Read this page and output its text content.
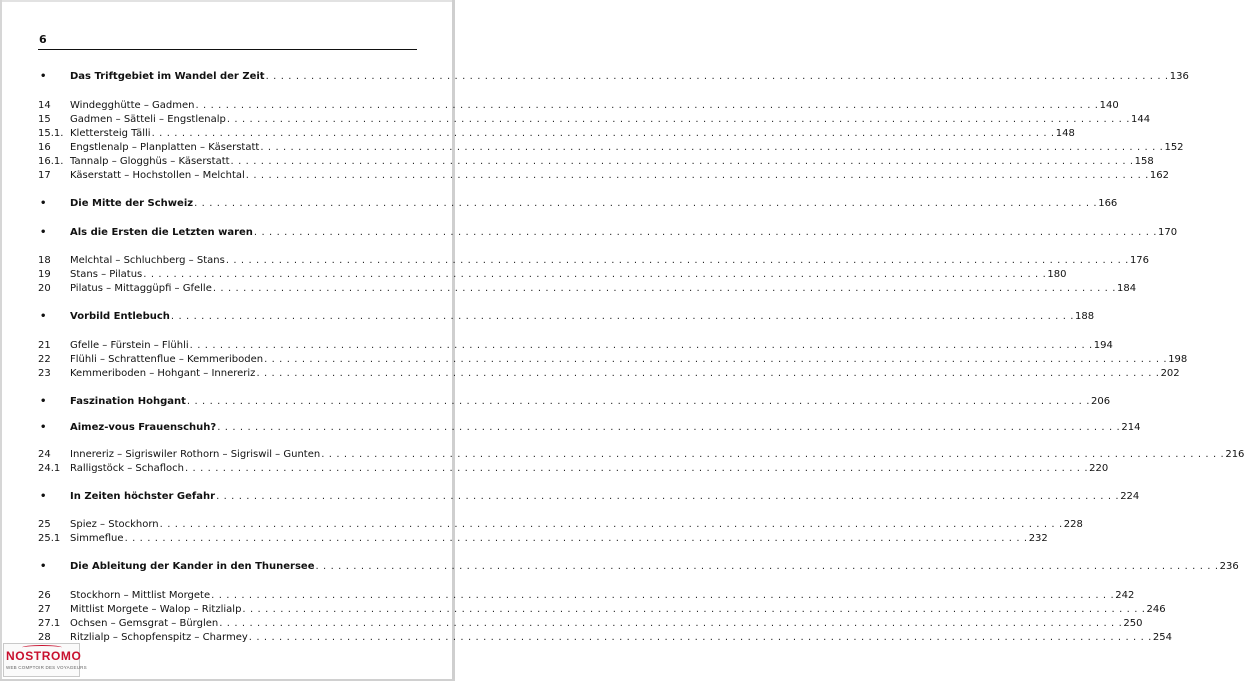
6
•	Das Triftgebiet im Wandel der Zeit . . . . . . . . . . . . . . . . . . . . . . . . . . . . . . . . . . . . . . . . . . . . . . . . . . . . . . . . . . . . . . . . . . . . . . . . . . . . . . . . . . . . . . . . . . . . . . . . . . . . . . . . . . . . . . . . . . . . . . . . 136
14	Windegghütte – Gadmen . . . . . . . . . . . . . . . . . . . . . . . . . . . . . . . . . . . . . . . . . . . . . . . . . . . . . . . . . . . . . . . . . . . . . . . . . . . . . . . . . . . . . . . . . . . . . . . . . . . . . . . . . . . . . . . . . . . . . . . . 140
15	Gadmen – Sätteli – Engstlenalp . . . . . . . . . . . . . . . . . . . . . . . . . . . . . . . . . . . . . . . . . . . . . . . . . . . . . . . . . . . . . . . . . . . . . . . . . . . . . . . . . . . . . . . . . . . . . . . . . . . . . . . . . . . . . . . . . . . . . . . . 144
15.1. Klettersteig Tälli . . . . . . . . . . . . . . . . . . . . . . . . . . . . . . . . . . . . . . . . . . . . . . . . . . . . . . . . . . . . . . . . . . . . . . . . . . . . . . . . . . . . . . . . . . . . . . . . . . . . . . . . . . . . . . . . . . . . . . . . 148
16	Engstlenalp – Planplatten – Käserstatt . . . . . . . . . . . . . . . . . . . . . . . . . . . . . . . . . . . . . . . . . . . . . . . . . . . . . . . . . . . . . . . . . . . . . . . . . . . . . . . . . . . . . . . . . . . . . . . . . . . . . . . . . . . . . . . . . . . . . . . . 152
16.1. Tannalp – Glogghüs – Käserstatt . . . . . . . . . . . . . . . . . . . . . . . . . . . . . . . . . . . . . . . . . . . . . . . . . . . . . . . . . . . . . . . . . . . . . . . . . . . . . . . . . . . . . . . . . . . . . . . . . . . . . . . . . . . . . . . . . . . . . . . . 158
17	Käserstatt – Hochstollen – Melchtal . . . . . . . . . . . . . . . . . . . . . . . . . . . . . . . . . . . . . . . . . . . . . . . . . . . . . . . . . . . . . . . . . . . . . . . . . . . . . . . . . . . . . . . . . . . . . . . . . . . . . . . . . . . . . . . . . . . . . . . . 162
•	Die Mitte der Schweiz . . . . . . . . . . . . . . . . . . . . . . . . . . . . . . . . . . . . . . . . . . . . . . . . . . . . . . . . . . . . . . . . . . . . . . . . . . . . . . . . . . . . . . . . . . . . . . . . . . . . . . . . . . . . . . . . . . . . . . . . 166
•	Als die Ersten die Letzten waren . . . . . . . . . . . . . . . . . . . . . . . . . . . . . . . . . . . . . . . . . . . . . . . . . . . . . . . . . . . . . . . . . . . . . . . . . . . . . . . . . . . . . . . . . . . . . . . . . . . . . . . . . . . . . . . . . . . . . . . . 170
18	Melchtal – Schluchberg – Stans . . . . . . . . . . . . . . . . . . . . . . . . . . . . . . . . . . . . . . . . . . . . . . . . . . . . . . . . . . . . . . . . . . . . . . . . . . . . . . . . . . . . . . . . . . . . . . . . . . . . . . . . . . . . . . . . . . . . . . . . 176
19	Stans – Pilatus . . . . . . . . . . . . . . . . . . . . . . . . . . . . . . . . . . . . . . . . . . . . . . . . . . . . . . . . . . . . . . . . . . . . . . . . . . . . . . . . . . . . . . . . . . . . . . . . . . . . . . . . . . . . . . . . . . . . . . . . 180
20	Pilatus – Mittaggüpfi – Gfelle . . . . . . . . . . . . . . . . . . . . . . . . . . . . . . . . . . . . . . . . . . . . . . . . . . . . . . . . . . . . . . . . . . . . . . . . . . . . . . . . . . . . . . . . . . . . . . . . . . . . . . . . . . . . . . . . . . . . . . . . 184
•	Vorbild Entlebuch . . . . . . . . . . . . . . . . . . . . . . . . . . . . . . . . . . . . . . . . . . . . . . . . . . . . . . . . . . . . . . . . . . . . . . . . . . . . . . . . . . . . . . . . . . . . . . . . . . . . . . . . . . . . . . . . . . . . . . . . 188
21	Gfelle – Fürstein – Flühli . . . . . . . . . . . . . . . . . . . . . . . . . . . . . . . . . . . . . . . . . . . . . . . . . . . . . . . . . . . . . . . . . . . . . . . . . . . . . . . . . . . . . . . . . . . . . . . . . . . . . . . . . . . . . . . . . . . . . . . . 194
22	Flühli – Schrattenflue – Kemmeriboden . . . . . . . . . . . . . . . . . . . . . . . . . . . . . . . . . . . . . . . . . . . . . . . . . . . . . . . . . . . . . . . . . . . . . . . . . . . . . . . . . . . . . . . . . . . . . . . . . . . . . . . . . . . . . . . . . . . . . . . . 198
23	Kemmeriboden – Hohgant – Innereriz . . . . . . . . . . . . . . . . . . . . . . . . . . . . . . . . . . . . . . . . . . . . . . . . . . . . . . . . . . . . . . . . . . . . . . . . . . . . . . . . . . . . . . . . . . . . . . . . . . . . . . . . . . . . . . . . . . . . . . . . 202
•	Faszination Hohgant . . . . . . . . . . . . . . . . . . . . . . . . . . . . . . . . . . . . . . . . . . . . . . . . . . . . . . . . . . . . . . . . . . . . . . . . . . . . . . . . . . . . . . . . . . . . . . . . . . . . . . . . . . . . . . . . . . . . . . . . 206
•	Aimez-vous Frauenschuh? . . . . . . . . . . . . . . . . . . . . . . . . . . . . . . . . . . . . . . . . . . . . . . . . . . . . . . . . . . . . . . . . . . . . . . . . . . . . . . . . . . . . . . . . . . . . . . . . . . . . . . . . . . . . . . . . . . . . . . . . 214
24	Innereriz – Sigriswiler Rothorn – Sigriswil – Gunten . . . . . . . . . . . . . . . . . . . . . . . . . . . . . . . . . . . . . . . . . . . . . . . . . . . . . . . . . . . . . . . . . . . . . . . . . . . . . . . . . . . . . . . . . . . . . . . . . . . . . . . . . . . . . . . . . . . . . . . . 216
24.1 Ralligstöck – Schafloch . . . . . . . . . . . . . . . . . . . . . . . . . . . . . . . . . . . . . . . . . . . . . . . . . . . . . . . . . . . . . . . . . . . . . . . . . . . . . . . . . . . . . . . . . . . . . . . . . . . . . . . . . . . . . . . . . . . . . . . . 220
•	In Zeiten höchster Gefahr . . . . . . . . . . . . . . . . . . . . . . . . . . . . . . . . . . . . . . . . . . . . . . . . . . . . . . . . . . . . . . . . . . . . . . . . . . . . . . . . . . . . . . . . . . . . . . . . . . . . . . . . . . . . . . . . . . . . . . . . 224
25	Spiez – Stockhorn . . . . . . . . . . . . . . . . . . . . . . . . . . . . . . . . . . . . . . . . . . . . . . . . . . . . . . . . . . . . . . . . . . . . . . . . . . . . . . . . . . . . . . . . . . . . . . . . . . . . . . . . . . . . . . . . . . . . . . . . 228
25.1 Simmeflue . . . . . . . . . . . . . . . . . . . . . . . . . . . . . . . . . . . . . . . . . . . . . . . . . . . . . . . . . . . . . . . . . . . . . . . . . . . . . . . . . . . . . . . . . . . . . . . . . . . . . . . . . . . . . . . . . . . . . . . . 232
•	Die Ableitung der Kander in den Thunersee . . . . . . . . . . . . . . . . . . . . . . . . . . . . . . . . . . . . . . . . . . . . . . . . . . . . . . . . . . . . . . . . . . . . . . . . . . . . . . . . . . . . . . . . . . . . . . . . . . . . . . . . . . . . . . . . . . . . . . . . 236
26	Stockhorn – Mittlist Morgete . . . . . . . . . . . . . . . . . . . . . . . . . . . . . . . . . . . . . . . . . . . . . . . . . . . . . . . . . . . . . . . . . . . . . . . . . . . . . . . . . . . . . . . . . . . . . . . . . . . . . . . . . . . . . . . . . . . . . . . . 242
27	Mittlist Morgete – Walop – Ritzlialp . . . . . . . . . . . . . . . . . . . . . . . . . . . . . . . . . . . . . . . . . . . . . . . . . . . . . . . . . . . . . . . . . . . . . . . . . . . . . . . . . . . . . . . . . . . . . . . . . . . . . . . . . . . . . . . . . . . . . . . . 246
27.1 Ochsen – Gemsgrat – Bürglen . . . . . . . . . . . . . . . . . . . . . . . . . . . . . . . . . . . . . . . . . . . . . . . . . . . . . . . . . . . . . . . . . . . . . . . . . . . . . . . . . . . . . . . . . . . . . . . . . . . . . . . . . . . . . . . . . . . . . . . . 250
28	Ritzlialp – Schopfenspitz – Charmey . . . . . . . . . . . . . . . . . . . . . . . . . . . . . . . . . . . . . . . . . . . . . . . . . . . . . . . . . . . . . . . . . . . . . . . . . . . . . . . . . . . . . . . . . . . . . . . . . . . . . . . . . . . . . . . . . . . . . . . . 254
NOSTROMO
WEB COMPTOIR DES VOYAGEURS
